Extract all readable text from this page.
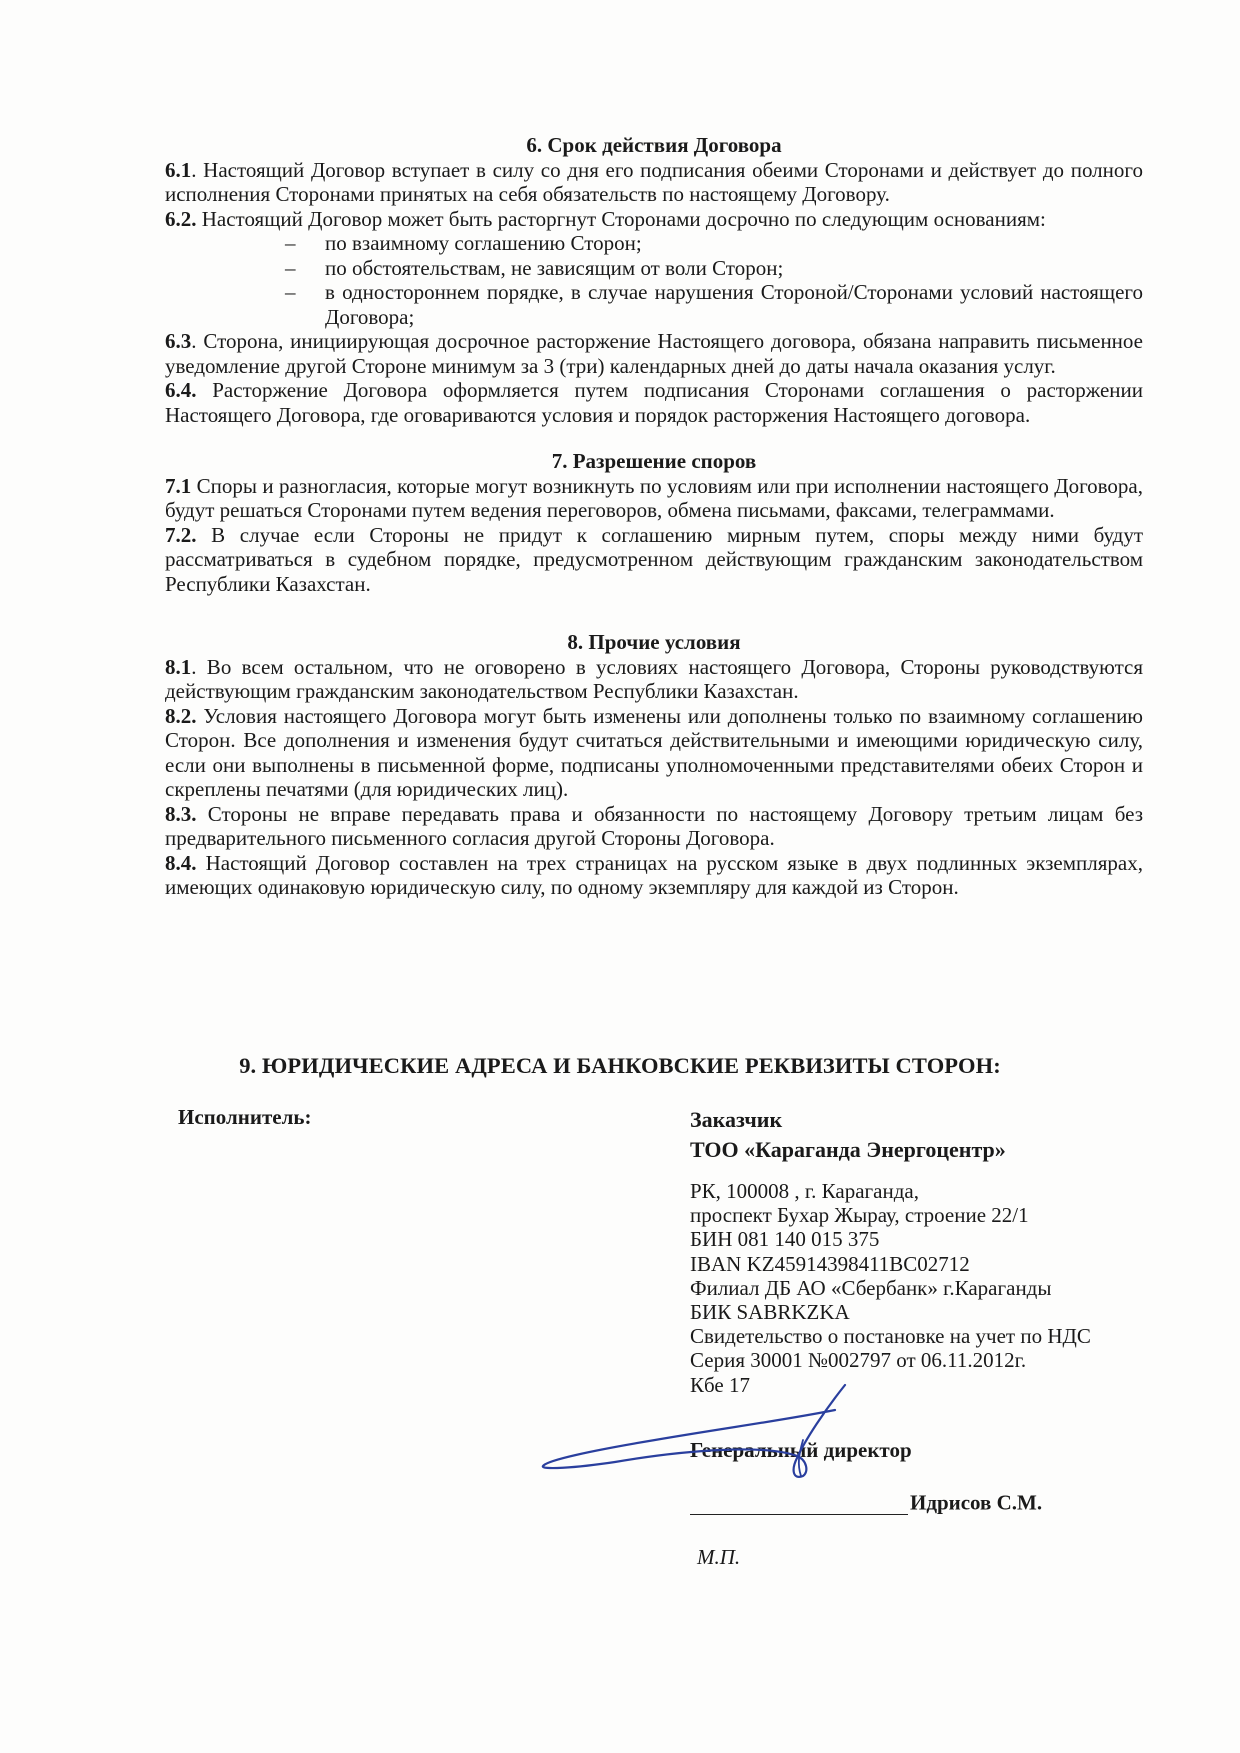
6. Срок действия Договора

6.1. Настоящий Договор вступает в силу со дня его подписания обеими Сторонами и действует до полного исполнения Сторонами принятых на себя обязательств по настоящему Договору.

6.2. Настоящий Договор может быть расторгнут Сторонами досрочно по следующим основаниям:

– по взаимному соглашению Сторон;
– по обстоятельствам, не зависящим от воли Сторон;
– в одностороннем порядке, в случае нарушения Стороной/Сторонами условий настоящего Договора;

6.3. Сторона, инициирующая досрочное расторжение Настоящего договора, обязана направить письменное уведомление другой Стороне минимум за 3 (три) календарных дней до даты начала оказания услуг.

6.4. Расторжение Договора оформляется путем подписания Сторонами соглашения о расторжении Настоящего Договора, где оговариваются условия и порядок расторжения Настоящего договора.

7. Разрешение споров

7.1 Споры и разногласия, которые могут возникнуть по условиям или при исполнении настоящего Договора, будут решаться Сторонами путем ведения переговоров, обмена письмами, факсами, телеграммами.

7.2. В случае если Стороны не придут к соглашению мирным путем, споры между ними будут рассматриваться в судебном порядке, предусмотренном действующим гражданским законодательством Республики Казахстан.

8. Прочие условия

8.1. Во всем остальном, что не оговорено в условиях настоящего Договора, Стороны руководствуются действующим гражданским законодательством Республики Казахстан.

8.2. Условия настоящего Договора могут быть изменены или дополнены только по взаимному соглашению Сторон. Все дополнения и изменения будут считаться действительными и имеющими юридическую силу, если они выполнены в письменной форме, подписаны уполномоченными представителями обеих Сторон и скреплены печатями (для юридических лиц).

8.3. Стороны не вправе передавать права и обязанности по настоящему Договору третьим лицам без предварительного письменного согласия другой Стороны Договора.

8.4. Настоящий Договор составлен на трех страницах на русском языке в двух подлинных экземплярах, имеющих одинаковую юридическую силу, по одному экземпляру для каждой из Сторон.

9. ЮРИДИЧЕСКИЕ АДРЕСА И БАНКОВСКИЕ РЕКВИЗИТЫ СТОРОН:
Исполнитель:	Заказчик
ТОО «Караганда Энергоцентр»
РК, 100008 , г. Караганда,
проспект Бухар Жырау, строение 22/1
БИН 081 140 015 375
IBAN KZ45914398411BC02712
Филиал ДБ АО «Сбербанк» г.Караганды
БИК SABRKZKA
Свидетельство о постановке на учет по НДС
Серия 30001 №002797 от 06.11.2012г.
Кбе 17
Генеральный директор
Идрисов С.М.
М.П.
